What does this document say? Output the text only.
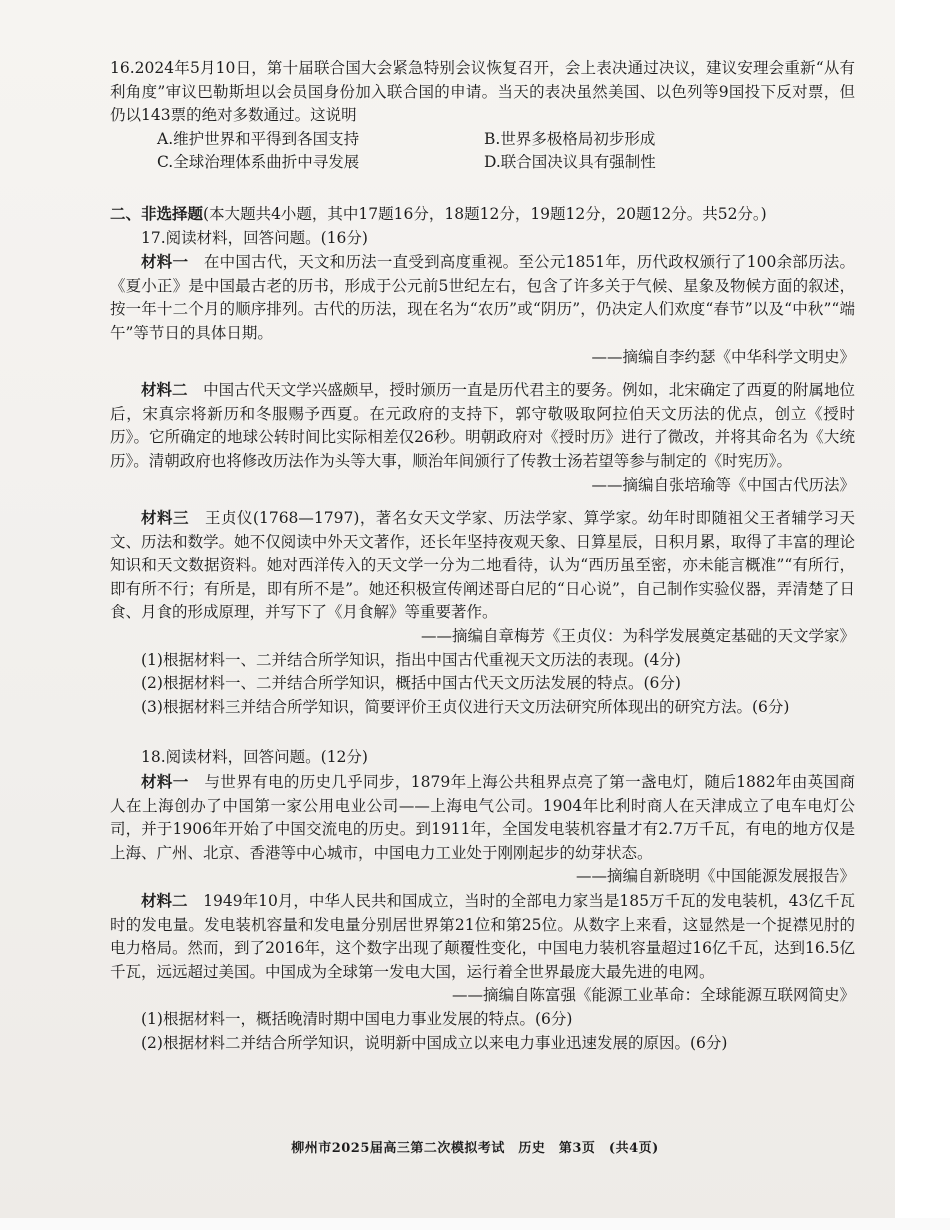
16.2024年5月10日，第十届联合国大会紧急特别会议恢复召开，会上表决通过决议，建议安理会重新“从有利角度”审议巴勒斯坦以会员国身份加入联合国的申请。当天的表决虽然美国、以色列等9国投下反对票，但仍以143票的绝对多数通过。这说明

A.维护世界和平得到各国支持	B.世界多极格局初步形成
C.全球治理体系曲折中寻发展	D.联合国决议具有强制性

二、非选择题(本大题共4小题，其中17题16分，18题12分，19题12分，20题12分。共52分。)

17.阅读材料，回答问题。(16分)

材料一　 在中国古代，天文和历法一直受到高度重视。至公元1851年，历代政权颁行了100余部历法。《夏小正》是中国最古老的历书，形成于公元前5世纪左右，包含了许多关于气候、星象及物候方面的叙述，按一年十二个月的顺序排列。古代的历法，现在名为“农历”或“阴历”，仍决定人们欢度“春节”以及“中秋”“端午”等节日的具体日期。

——摘编自李约瑟《中华科学文明史》

材料二　 中国古代天文学兴盛颇早，授时颁历一直是历代君主的要务。例如，北宋确定了西夏的附属地位后，宋真宗将新历和冬服赐予西夏。在元政府的支持下，郭守敬吸取阿拉伯天文历法的优点，创立《授时历》。它所确定的地球公转时间比实际相差仅26秒。明朝政府对《授时历》进行了微改，并将其命名为《大统历》。清朝政府也将修改历法作为头等大事，顺治年间颁行了传教士汤若望等参与制定的《时宪历》。

——摘编自张培瑜等《中国古代历法》

材料三　 王贞仪(1768—1797)，著名女天文学家、历法学家、算学家。幼年时即随祖父王者辅学习天文、历法和数学。她不仅阅读中外天文著作，还长年坚持夜观天象、日算星辰，日积月累，取得了丰富的理论知识和天文数据资料。她对西洋传入的天文学一分为二地看待，认为“西历虽至密，亦未能言概准”“有所行，即有所不行；有所是，即有所不是”。她还积极宣传阐述哥白尼的“日心说”，自己制作实验仪器，弄清楚了日食、月食的形成原理，并写下了《月食解》等重要著作。

——摘编自章梅芳《王贞仪：为科学发展奠定基础的天文学家》

(1)根据材料一、二并结合所学知识，指出中国古代重视天文历法的表现。(4分)

(2)根据材料一、二并结合所学知识，概括中国古代天文历法发展的特点。(6分)

(3)根据材料三并结合所学知识，简要评价王贞仪进行天文历法研究所体现出的研究方法。(6分)

18.阅读材料，回答问题。(12分)

材料一　 与世界有电的历史几乎同步，1879年上海公共租界点亮了第一盏电灯，随后1882年由英国商人在上海创办了中国第一家公用电业公司——上海电气公司。1904年比利时商人在天津成立了电车电灯公司，并于1906年开始了中国交流电的历史。到1911年，全国发电装机容量才有2.7万千瓦，有电的地方仅是上海、广州、北京、香港等中心城市，中国电力工业处于刚刚起步的幼芽状态。

——摘编自新晓明《中国能源发展报告》

材料二　 1949年10月，中华人民共和国成立，当时的全部电力家当是185万千瓦的发电装机，43亿千瓦时的发电量。发电装机容量和发电量分别居世界第21位和第25位。从数字上来看，这显然是一个捉襟见肘的电力格局。然而，到了2016年，这个数字出现了颠覆性变化，中国电力装机容量超过16亿千瓦，达到16.5亿千瓦，远远超过美国。中国成为全球第一发电大国，运行着全世界最庞大最先进的电网。

——摘编自陈富强《能源工业革命：全球能源互联网简史》

(1)根据材料一，概括晚清时期中国电力事业发展的特点。(6分)

(2)根据材料二并结合所学知识，说明新中国成立以来电力事业迅速发展的原因。(6分)

柳州市2025届高三第二次模拟考试　历史　第3页　(共4页)
